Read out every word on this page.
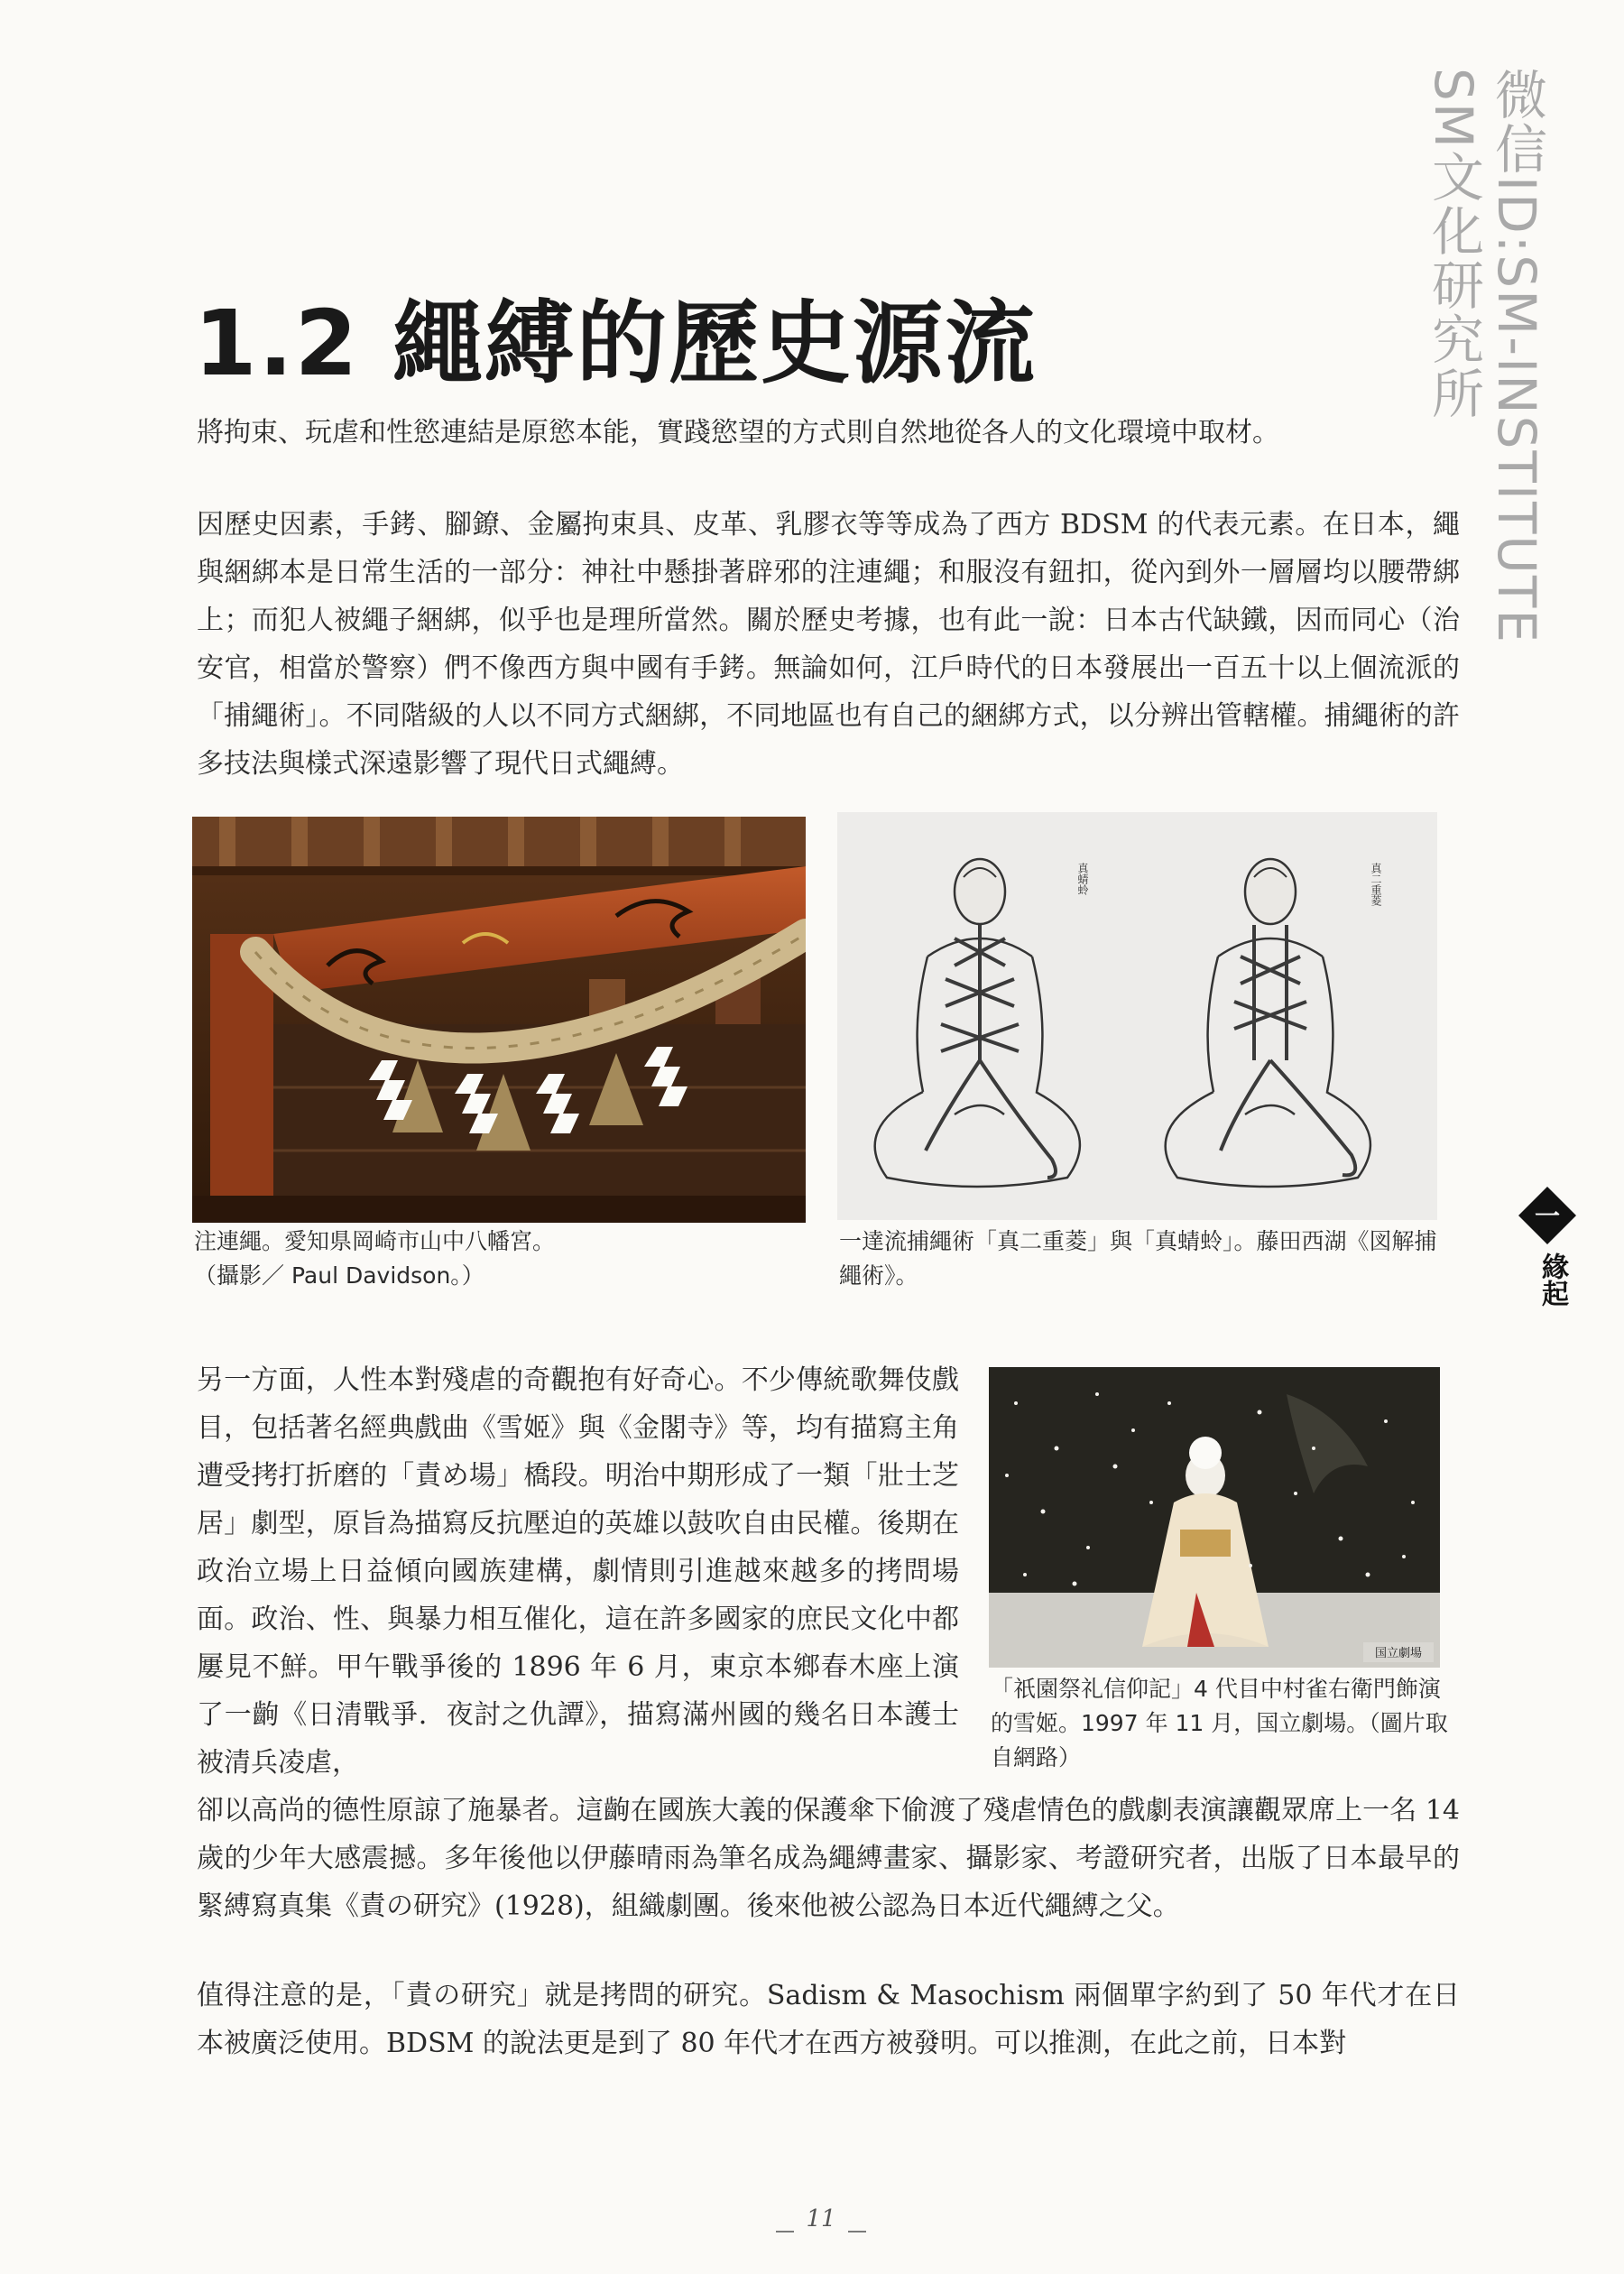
微信ID:SM-INSTITUTE
SM文化研究所
1.2 繩縛的歷史源流

將拘束、玩虐和性慾連結是原慾本能，實踐慾望的方式則自然地從各人的文化環境中取材。

因歷史因素，手銬、腳鐐、金屬拘束具、皮革、乳膠衣等等成為了西方 BDSM 的代表元素。在日本，繩與綑綁本是日常生活的一部分：神社中懸掛著辟邪的注連繩；和服沒有鈕扣，從內到外一層層均以腰帶綁上；而犯人被繩子綑綁，似乎也是理所當然。關於歷史考據，也有此一說：日本古代缺鐵，因而同心（治安官，相當於警察）們不像西方與中國有手銬。無論如何，江戶時代的日本發展出一百五十以上個流派的「捕繩術」。不同階級的人以不同方式綑綁，不同地區也有自己的綑綁方式，以分辨出管轄權。捕繩術的許多技法與樣式深遠影響了現代日式繩縛。

注連繩。愛知県岡崎市山中八幡宮。
（攝影／ Paul Davidson。）
真蜻蛉	真二重菱
一達流捕繩術「真二重菱」與「真蜻蛉」。藤田西湖《図解捕繩術》。

另一方面，人性本對殘虐的奇觀抱有好奇心。不少傳統歌舞伎戲目，包括著名經典戲曲《雪姬》與《金閣寺》等，均有描寫主角遭受拷打折磨的「責め場」橋段。明治中期形成了一類「壯士芝居」劇型，原旨為描寫反抗壓迫的英雄以鼓吹自由民權。後期在政治立場上日益傾向國族建構，劇情則引進越來越多的拷問場面。政治、性、與暴力相互催化，這在許多國家的庶民文化中都屢見不鮮。甲午戰爭後的 1896 年 6 月，東京本鄉春木座上演了一齣《日清戰爭．夜討之仇譚》，描寫滿州國的幾名日本護士被清兵凌虐，

国立劇場
「祇園祭礼信仰記」4 代目中村雀右衛門飾演的雪姬。1997 年 11 月，国立劇場。（圖片取自網路）

卻以高尚的德性原諒了施暴者。這齣在國族大義的保護傘下偷渡了殘虐情色的戲劇表演讓觀眾席上一名 14 歲的少年大感震撼。多年後他以伊藤晴雨為筆名成為繩縛畫家、攝影家、考證研究者，出版了日本最早的緊縛寫真集《責の研究》(1928)，組織劇團。後來他被公認為日本近代繩縛之父。

值得注意的是，「責の研究」就是拷問的研究。Sadism & Masochism 兩個單字約到了 50 年代才在日本被廣泛使用。BDSM 的說法更是到了 80 年代才在西方被發明。可以推測，在此之前，日本對

一

緣起

11
